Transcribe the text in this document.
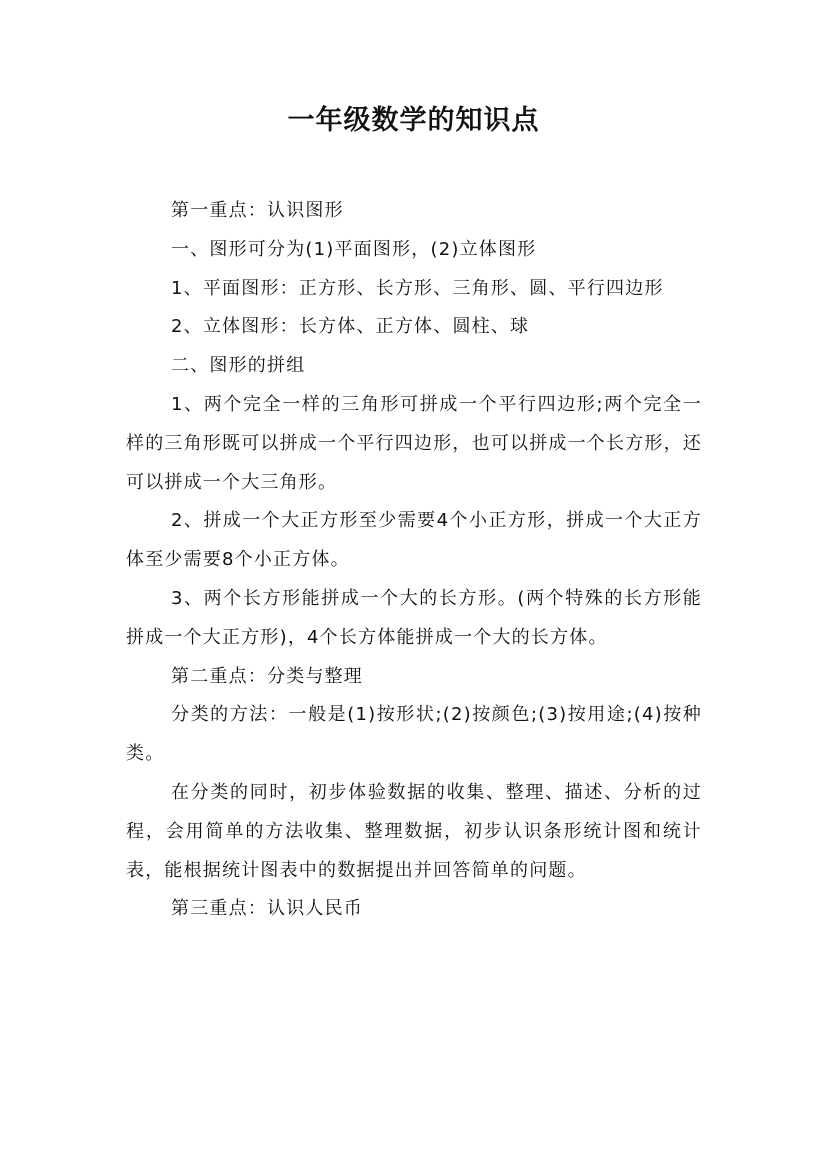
一年级数学的知识点

第一重点：认识图形

一、图形可分为(1)平面图形，(2)立体图形

1、平面图形：正方形、长方形、三角形、圆、平行四边形

2、立体图形：长方体、正方体、圆柱、球

二、图形的拼组

1、两个完全一样的三角形可拼成一个平行四边形;两个完全一样的三角形既可以拼成一个平行四边形，也可以拼成一个长方形，还可以拼成一个大三角形。

2、拼成一个大正方形至少需要4个小正方形，拼成一个大正方体至少需要8个小正方体。

3、两个长方形能拼成一个大的长方形。(两个特殊的长方形能拼成一个大正方形)，4个长方体能拼成一个大的长方体。

第二重点：分类与整理

分类的方法：一般是(1)按形状;(2)按颜色;(3)按用途;(4)按种类。

在分类的同时，初步体验数据的收集、整理、描述、分析的过程，会用简单的方法收集、整理数据，初步认识条形统计图和统计表，能根据统计图表中的数据提出并回答简单的问题。

第三重点：认识人民币
